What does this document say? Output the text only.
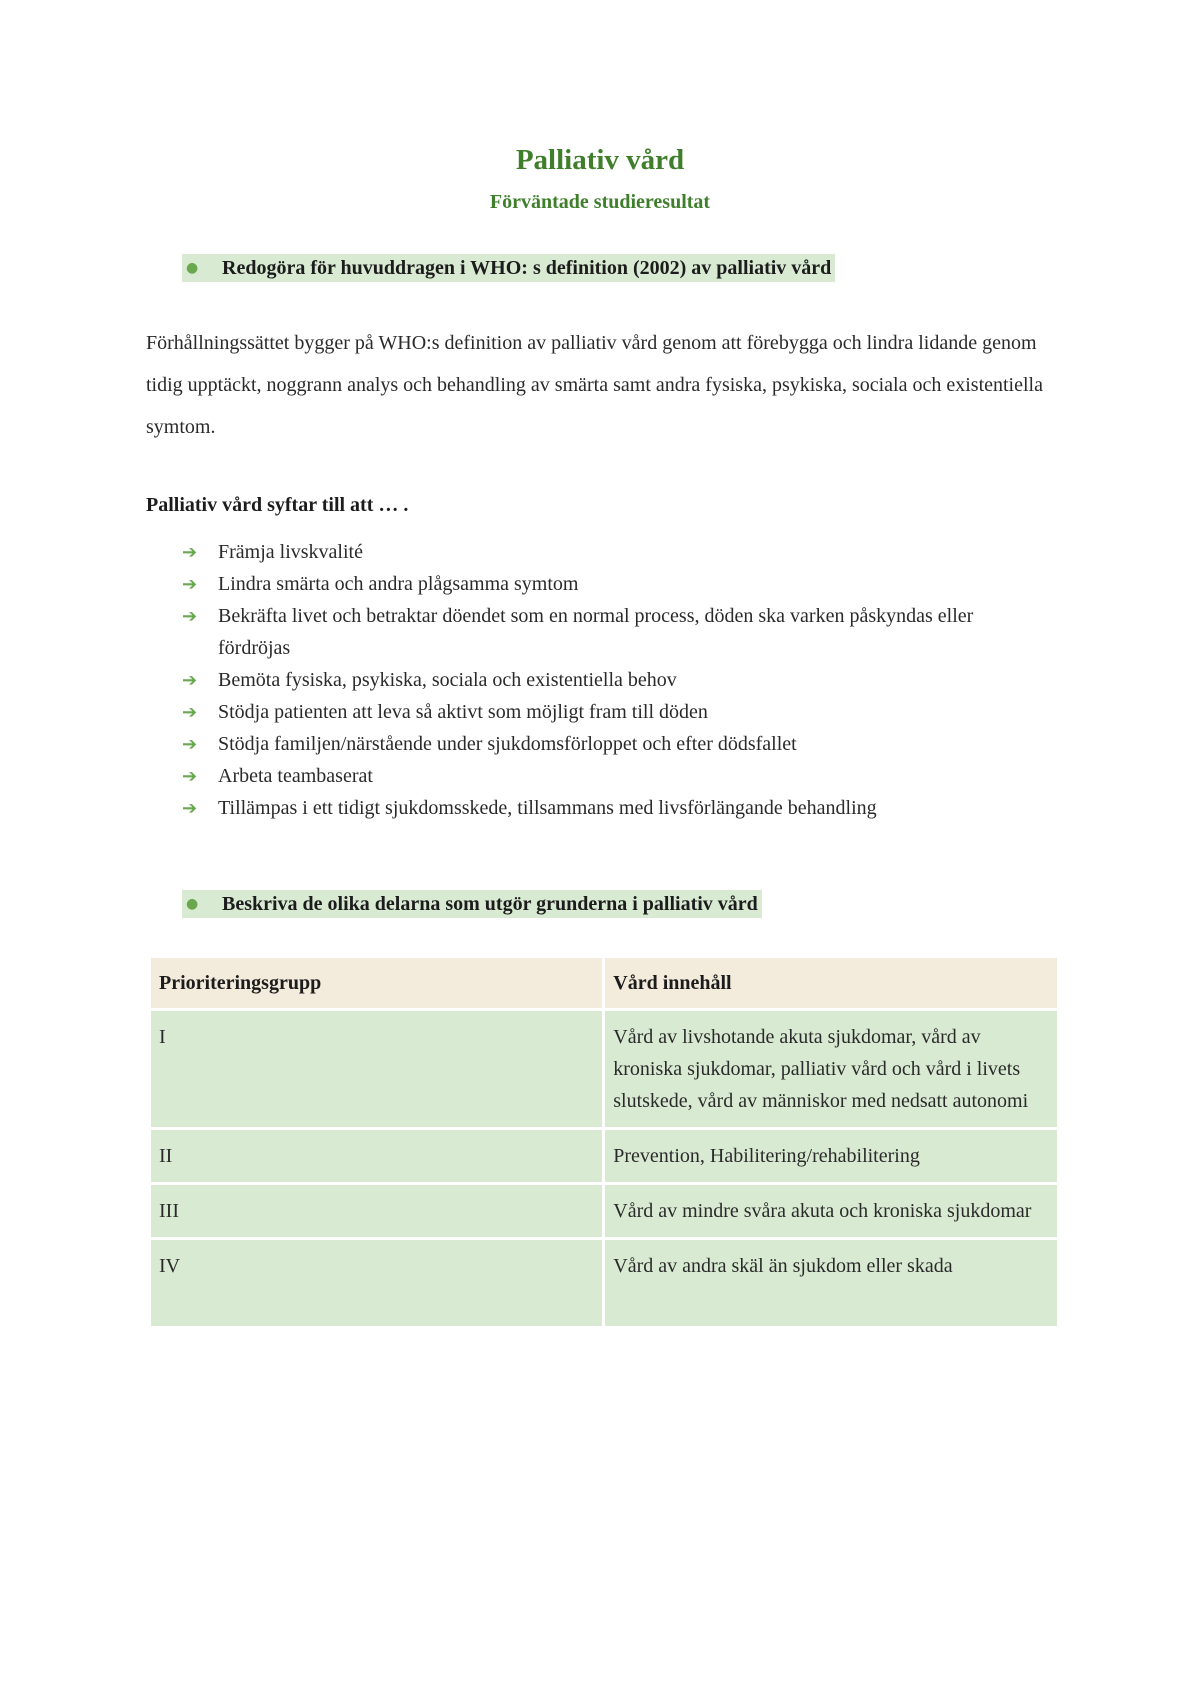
Palliativ vård
Förväntade studieresultat
●	Redogöra för huvuddragen i WHO: s definition (2002) av palliativ vård
Förhållningssättet bygger på WHO:s definition av palliativ vård genom att förebygga och lindra lidande genom tidig upptäckt, noggrann analys och behandling av smärta samt andra fysiska, psykiska, sociala och existentiella symtom.
Palliativ vård syftar till att … .
➔	Främja livskvalité
➔	Lindra smärta och andra plågsamma symtom
➔	Bekräfta livet och betraktar döendet som en normal process, döden ska varken påskyndas eller fördröjas
➔	Bemöta fysiska, psykiska, sociala och existentiella behov
➔	Stödja patienten att leva så aktivt som möjligt fram till döden
➔	Stödja familjen/närstående under sjukdomsförloppet och efter dödsfallet
➔	Arbeta teambaserat
➔	Tillämpas i ett tidigt sjukdomsskede, tillsammans med livsförlängande behandling
●	Beskriva de olika delarna som utgör grunderna i palliativ vård
Prioriteringsgrupp	Vård innehåll
I	Vård av livshotande akuta sjukdomar, vård av kroniska sjukdomar, palliativ vård och vård i livets slutskede, vård av människor med nedsatt autonomi
II	Prevention, Habilitering/rehabilitering
III	Vård av mindre svåra akuta och kroniska sjukdomar
IV	Vård av andra skäl än sjukdom eller skada
